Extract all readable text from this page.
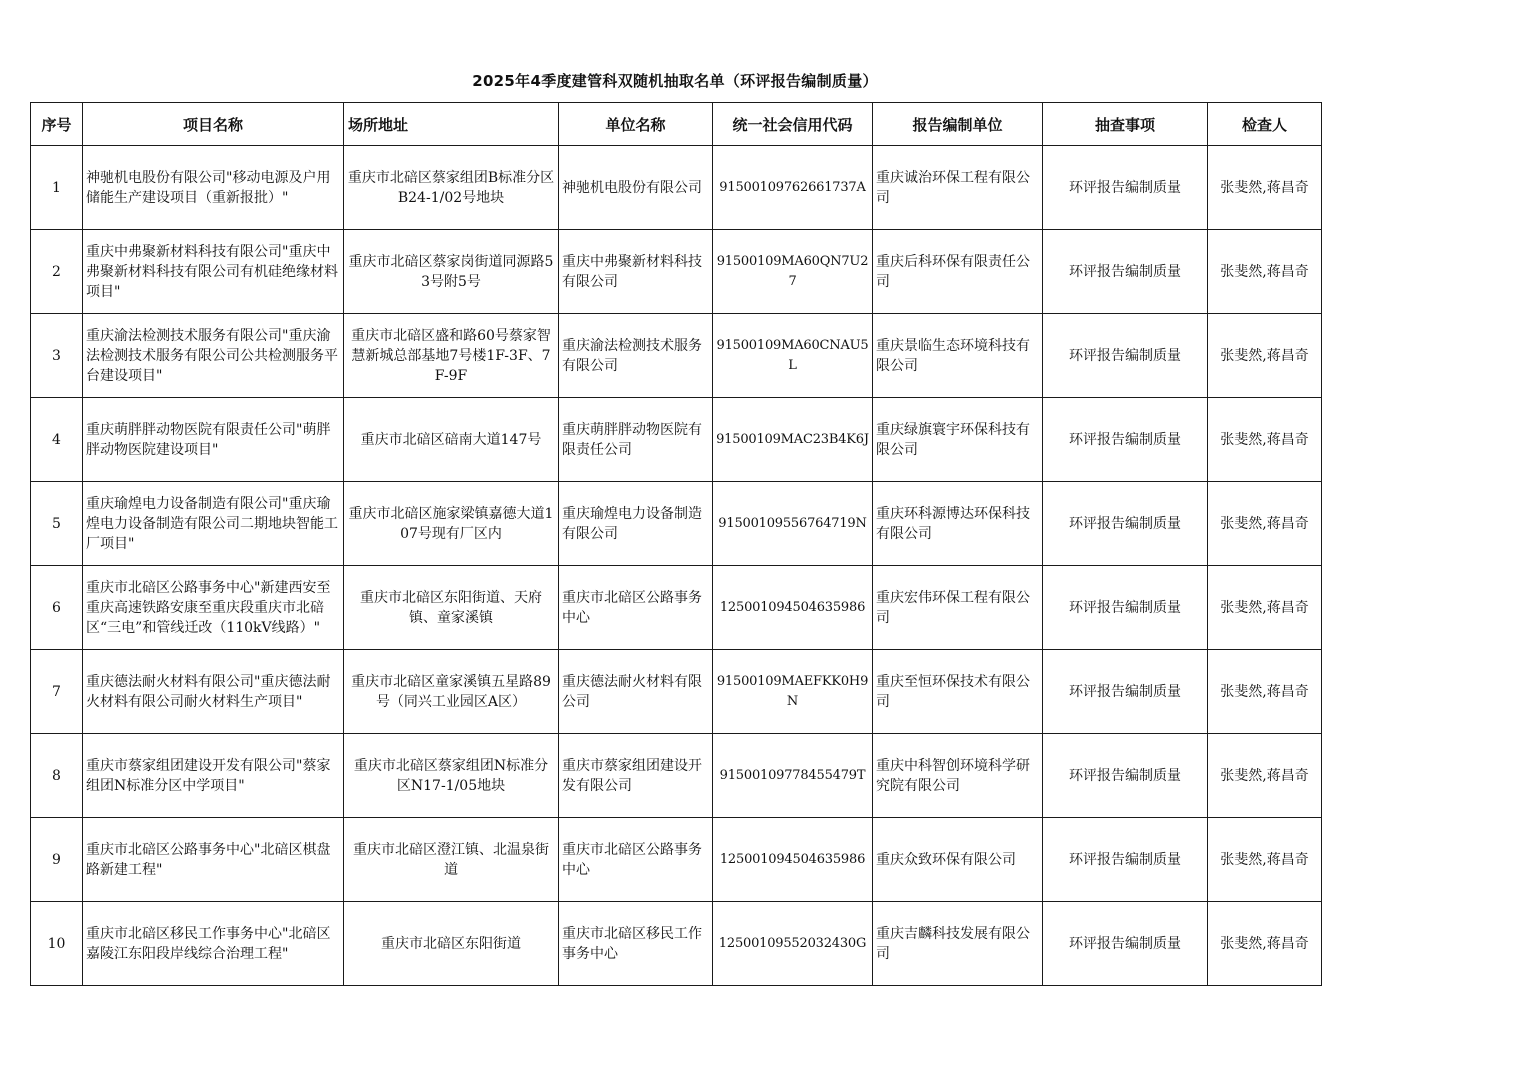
2025年4季度建管科双随机抽取名单（环评报告编制质量）
序号	项目名称	场所地址	单位名称	统一社会信用代码	报告编制单位	抽查事项	检查人
1	神驰机电股份有限公司"移动电源及户用储能生产建设项目（重新报批）"	重庆市北碚区蔡家组团B标准分区B24-1/02号地块	神驰机电股份有限公司	91500109762661737A	重庆诚治环保工程有限公司	环评报告编制质量	张斐然,蒋昌奇
2	重庆中弗聚新材料科技有限公司"重庆中弗聚新材料科技有限公司有机硅绝缘材料项目"	重庆市北碚区蔡家岗街道同源路53号附5号	重庆中弗聚新材料科技有限公司	91500109MA60QN7U27	重庆后科环保有限责任公司	环评报告编制质量	张斐然,蒋昌奇
3	重庆渝法检测技术服务有限公司"重庆渝法检测技术服务有限公司公共检测服务平台建设项目"	重庆市北碚区盛和路60号蔡家智慧新城总部基地7号楼1F-3F、7F-9F	重庆渝法检测技术服务有限公司	91500109MA60CNAU5L	重庆景临生态环境科技有限公司	环评报告编制质量	张斐然,蒋昌奇
4	重庆萌胖胖动物医院有限责任公司"萌胖胖动物医院建设项目"	重庆市北碚区碚南大道147号	重庆萌胖胖动物医院有限责任公司	91500109MAC23B4K6J	重庆绿旗寰宇环保科技有限公司	环评报告编制质量	张斐然,蒋昌奇
5	重庆瑜煌电力设备制造有限公司"重庆瑜煌电力设备制造有限公司二期地块智能工厂项目"	重庆市北碚区施家梁镇嘉德大道107号现有厂区内	重庆瑜煌电力设备制造有限公司	91500109556764719N	重庆环科源博达环保科技有限公司	环评报告编制质量	张斐然,蒋昌奇
6	重庆市北碚区公路事务中心"新建西安至重庆高速铁路安康至重庆段重庆市北碚区“三电”和管线迁改（110kV线路）"	重庆市北碚区东阳街道、天府镇、童家溪镇	重庆市北碚区公路事务中心	125001094504635986	重庆宏伟环保工程有限公司	环评报告编制质量	张斐然,蒋昌奇
7	重庆德法耐火材料有限公司"重庆德法耐火材料有限公司耐火材料生产项目"	重庆市北碚区童家溪镇五星路89号（同兴工业园区A区）	重庆德法耐火材料有限公司	91500109MAEFKK0H9N	重庆至恒环保技术有限公司	环评报告编制质量	张斐然,蒋昌奇
8	重庆市蔡家组团建设开发有限公司"蔡家组团N标准分区中学项目"	重庆市北碚区蔡家组团N标准分区N17-1/05地块	重庆市蔡家组团建设开发有限公司	91500109778455479T	重庆中科智创环境科学研究院有限公司	环评报告编制质量	张斐然,蒋昌奇
9	重庆市北碚区公路事务中心"北碚区棋盘路新建工程"	重庆市北碚区澄江镇、北温泉街道	重庆市北碚区公路事务中心	125001094504635986	重庆众致环保有限公司	环评报告编制质量	张斐然,蒋昌奇
10	重庆市北碚区移民工作事务中心"北碚区嘉陵江东阳段岸线综合治理工程"	重庆市北碚区东阳街道	重庆市北碚区移民工作事务中心	12500109552032430G	重庆吉麟科技发展有限公司	环评报告编制质量	张斐然,蒋昌奇
